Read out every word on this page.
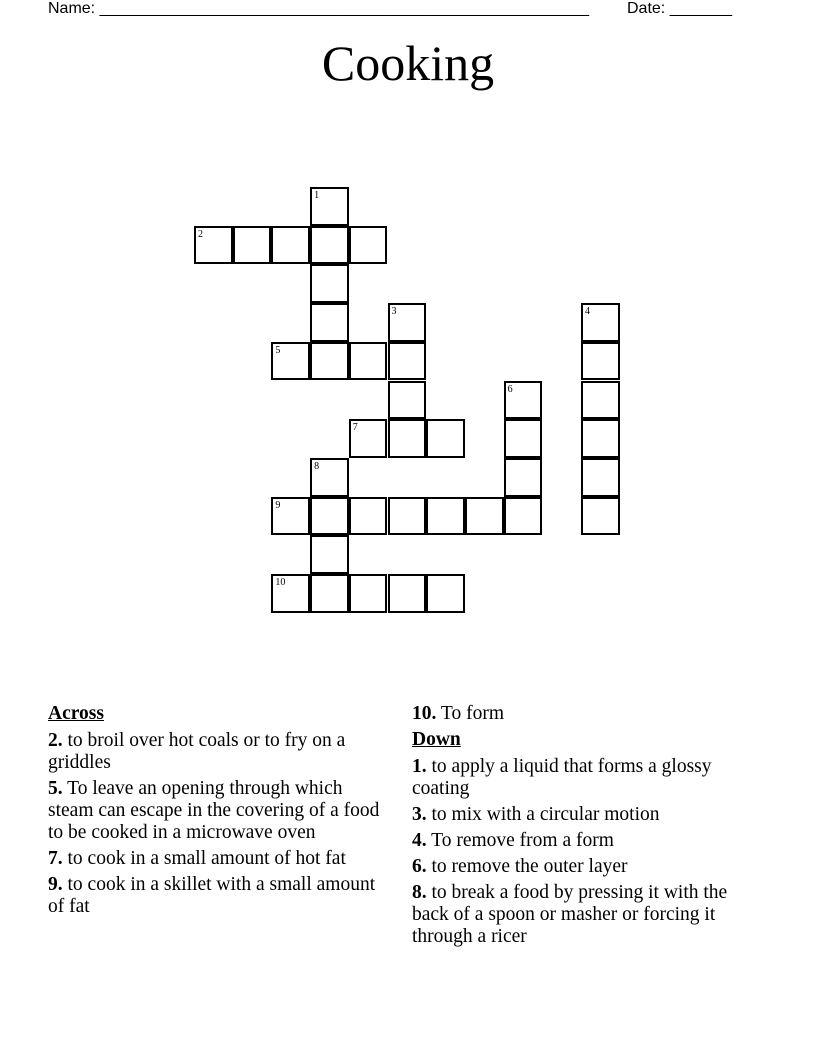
Name: _______________________________________________________ Date: _______
Cooking
1
2
3	4
5
6
7
8
9
10
Across
2. to broil over hot coals or to fry on a griddles
5. To leave an opening through which steam can escape in the covering of a food to be cooked in a microwave oven
7. to cook in a small amount of hot fat
9. to cook in a skillet with a small amount of fat
10. To form
Down
1. to apply a liquid that forms a glossy coating
3. to mix with a circular motion
4. To remove from a form
6. to remove the outer layer
8. to break a food by pressing it with the back of a spoon or masher or forcing it through a ricer
